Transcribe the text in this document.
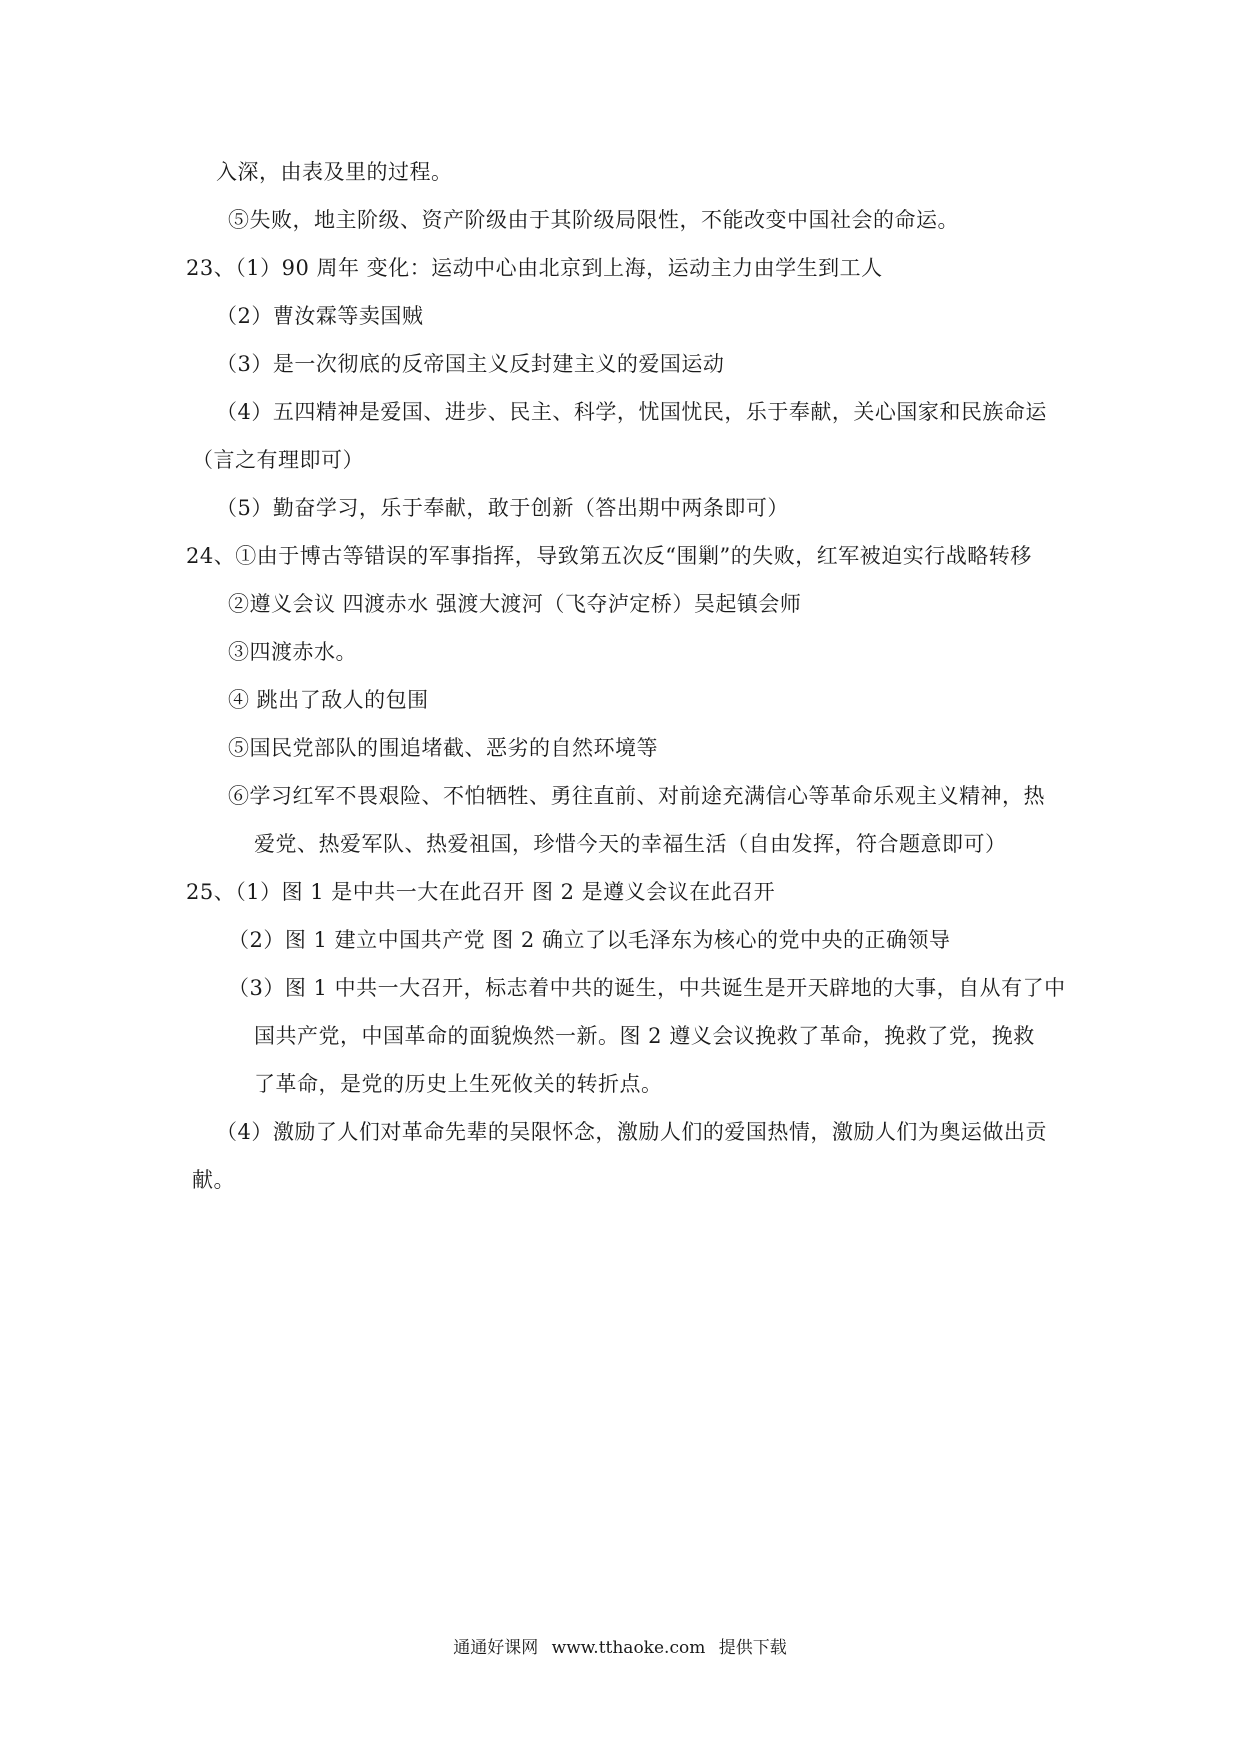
入深，由表及里的过程。
⑤失败，地主阶级、资产阶级由于其阶级局限性，不能改变中国社会的命运。
23、（1）90 周年 变化：运动中心由北京到上海，运动主力由学生到工人
（2）曹汝霖等卖国贼
（3）是一次彻底的反帝国主义反封建主义的爱国运动
（4）五四精神是爱国、进步、民主、科学，忧国忧民，乐于奉献，关心国家和民族命运
（言之有理即可）
（5）勤奋学习，乐于奉献，敢于创新（答出期中两条即可）
24、①由于博古等错误的军事指挥，导致第五次反“围剿”的失败，红军被迫实行战略转移
②遵义会议 四渡赤水 强渡大渡河（飞夺泸定桥）吴起镇会师
③四渡赤水。
④ 跳出了敌人的包围
⑤国民党部队的围追堵截、恶劣的自然环境等
⑥学习红军不畏艰险、不怕牺牲、勇往直前、对前途充满信心等革命乐观主义精神，热
爱党、热爱军队、热爱祖国，珍惜今天的幸福生活（自由发挥，符合题意即可）
25、（1）图 1 是中共一大在此召开 图 2 是遵义会议在此召开
（2）图 1 建立中国共产党 图 2 确立了以毛泽东为核心的党中央的正确领导
（3）图 1 中共一大召开，标志着中共的诞生，中共诞生是开天辟地的大事，自从有了中
国共产党，中国革命的面貌焕然一新。图 2 遵义会议挽救了革命，挽救了党，挽救
了革命，是党的历史上生死攸关的转折点。
（4）激励了人们对革命先辈的吴限怀念，激励人们的爱国热情，激励人们为奥运做出贡
献。
通通好课网 www.tthaoke.com 提供下载
